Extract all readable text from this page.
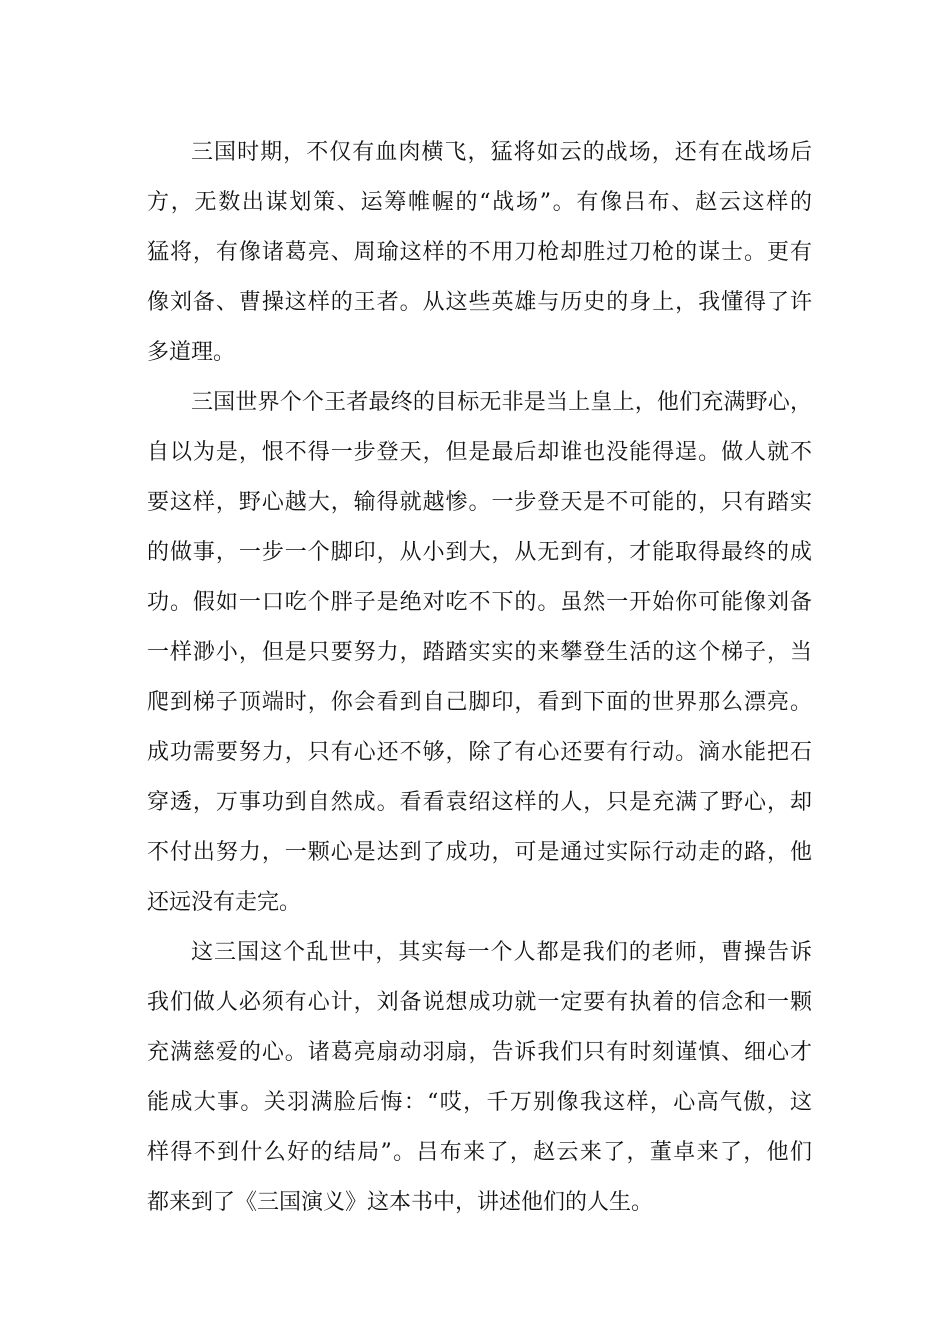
三国时期，不仅有血肉横飞，猛将如云的战场，还有在战场后
方，无数出谋划策、运筹帷幄的“战场”。有像吕布、赵云这样的
猛将，有像诸葛亮、周瑜这样的不用刀枪却胜过刀枪的谋士。更有
像刘备、曹操这样的王者。从这些英雄与历史的身上，我懂得了许
多道理。
三国世界个个王者最终的目标无非是当上皇上，他们充满野心，
自以为是，恨不得一步登天，但是最后却谁也没能得逞。做人就不
要这样，野心越大，输得就越惨。一步登天是不可能的，只有踏实
的做事，一步一个脚印，从小到大，从无到有，才能取得最终的成
功。假如一口吃个胖子是绝对吃不下的。虽然一开始你可能像刘备
一样渺小，但是只要努力，踏踏实实的来攀登生活的这个梯子，当
爬到梯子顶端时，你会看到自己脚印，看到下面的世界那么漂亮。
成功需要努力，只有心还不够，除了有心还要有行动。滴水能把石
穿透，万事功到自然成。看看袁绍这样的人，只是充满了野心，却
不付出努力，一颗心是达到了成功，可是通过实际行动走的路，他
还远没有走完。
这三国这个乱世中，其实每一个人都是我们的老师，曹操告诉
我们做人必须有心计，刘备说想成功就一定要有执着的信念和一颗
充满慈爱的心。诸葛亮扇动羽扇，告诉我们只有时刻谨慎、细心才
能成大事。关羽满脸后悔：“哎，千万别像我这样，心高气傲，这
样得不到什么好的结局”。吕布来了，赵云来了，董卓来了，他们
都来到了《三国演义》这本书中，讲述他们的人生。
